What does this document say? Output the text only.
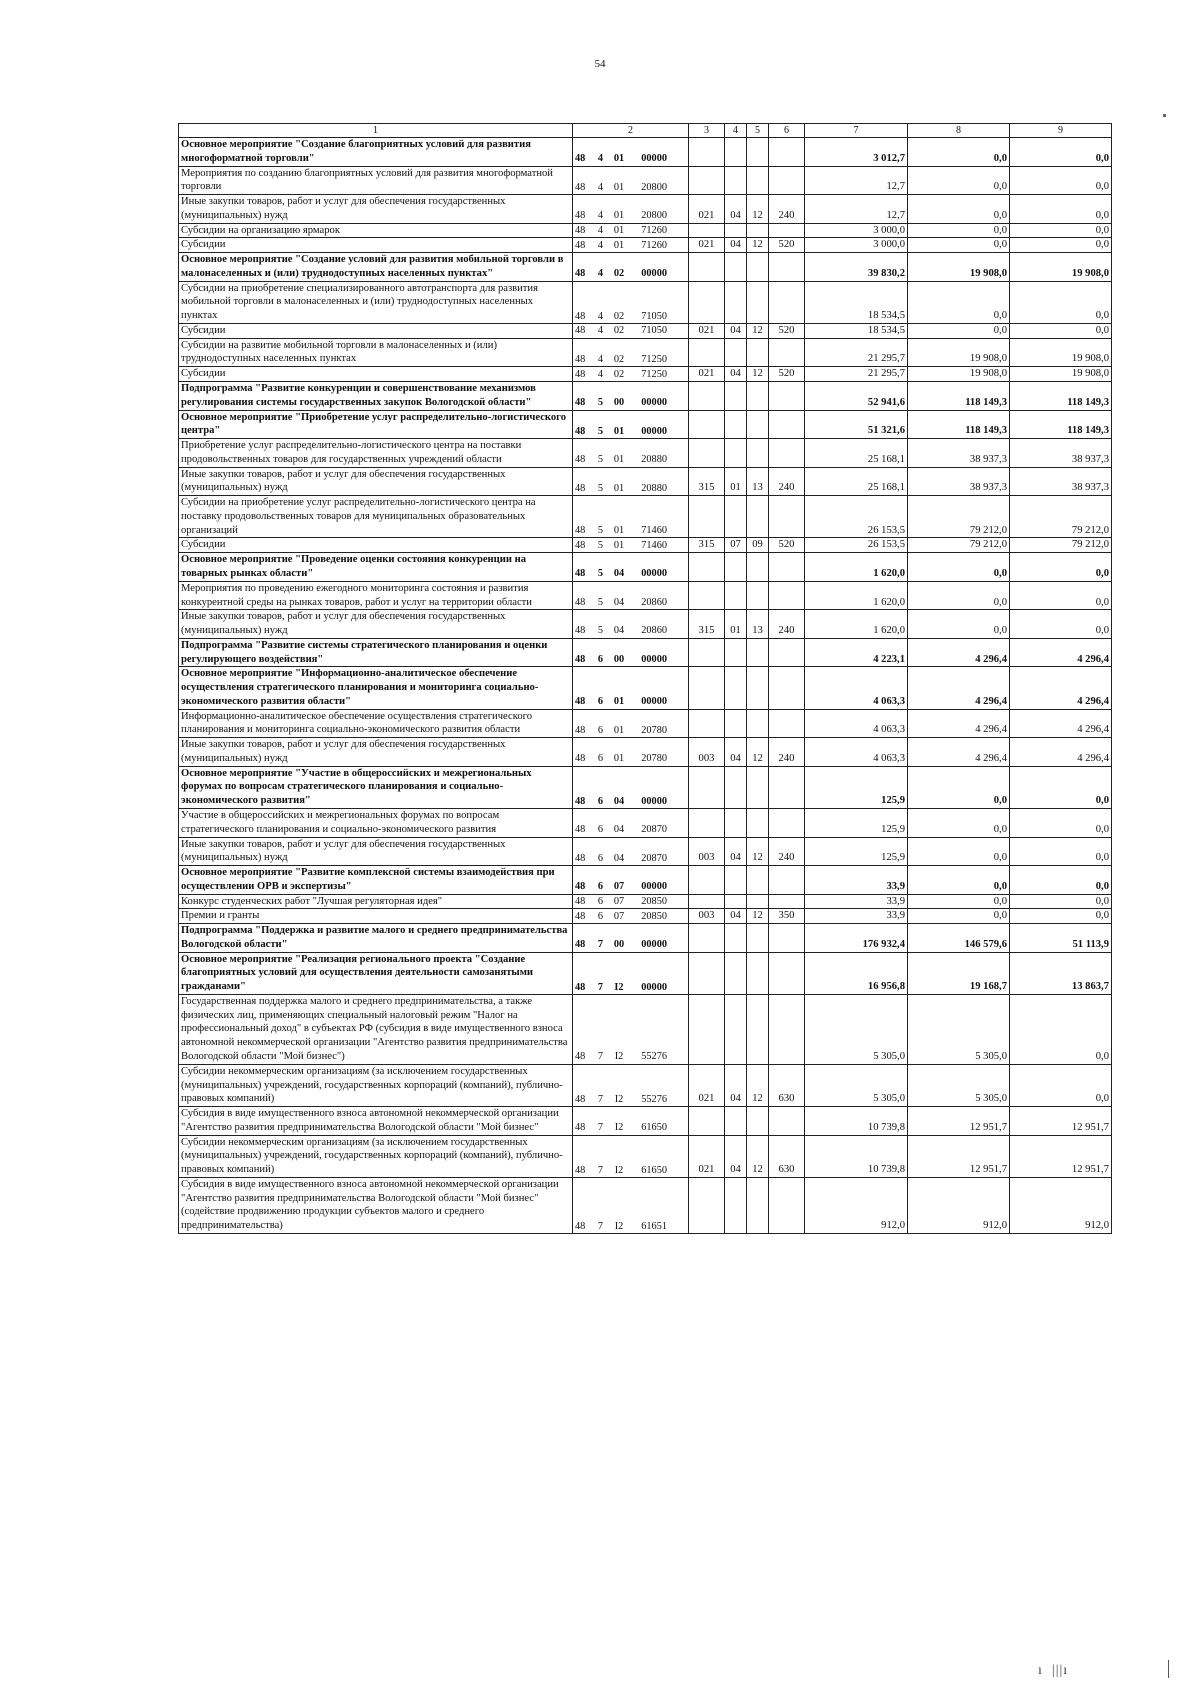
54
1	2	3	4	5	6	7	8	9
Основное мероприятие "Создание благоприятных условий для развития многоформатной торговли"	48 4 01 00000					3 012,7	0,0	0,0
Мероприятия по созданию благоприятных условий для развития многоформатной торговли	48 4 01 20800					12,7	0,0	0,0
Иные закупки товаров, работ и услуг для обеспечения государственных (муниципальных) нужд	48 4 01 20800	021	04	12	240	12,7	0,0	0,0
Субсидии на организацию ярмарок	48 4 01 71260					3 000,0	0,0	0,0
Субсидии	48 4 01 71260	021	04	12	520	3 000,0	0,0	0,0
Основное мероприятие "Создание условий для развития мобильной торговли в малонаселенных и (или) труднодоступных населенных пунктах"	48 4 02 00000					39 830,2	19 908,0	19 908,0
Субсидии на приобретение специализированного автотранспорта для развития мобильной торговли в малонаселенных и (или) труднодоступных населенных пунктах	48 4 02 71050					18 534,5	0,0	0,0
Субсидии	48 4 02 71050	021	04	12	520	18 534,5	0,0	0,0
Субсидии на развитие мобильной торговли в малонаселенных и (или) труднодоступных населенных пунктах	48 4 02 71250					21 295,7	19 908,0	19 908,0
Субсидии	48 4 02 71250	021	04	12	520	21 295,7	19 908,0	19 908,0
Подпрограмма "Развитие конкуренции и совершенствование механизмов регулирования системы государственных закупок Вологодской области"	48 5 00 00000					52 941,6	118 149,3	118 149,3
Основное мероприятие "Приобретение услуг распределительно-логистического центра"	48 5 01 00000					51 321,6	118 149,3	118 149,3
Приобретение услуг распределительно-логистического центра на поставки продовольственных товаров для государственных учреждений области	48 5 01 20880					25 168,1	38 937,3	38 937,3
Иные закупки товаров, работ и услуг для обеспечения государственных (муниципальных) нужд	48 5 01 20880	315	01	13	240	25 168,1	38 937,3	38 937,3
Субсидии на приобретение услуг распределительно-логистического центра на поставку продовольственных товаров для муниципальных образовательных организаций	48 5 01 71460					26 153,5	79 212,0	79 212,0
Субсидии	48 5 01 71460	315	07	09	520	26 153,5	79 212,0	79 212,0
Основное мероприятие "Проведение оценки состояния конкуренции на товарных рынках области"	48 5 04 00000					1 620,0	0,0	0,0
Мероприятия по проведению ежегодного мониторинга состояния и развития конкурентной среды на рынках товаров, работ и услуг на территории области	48 5 04 20860					1 620,0	0,0	0,0
Иные закупки товаров, работ и услуг для обеспечения государственных (муниципальных) нужд	48 5 04 20860	315	01	13	240	1 620,0	0,0	0,0
Подпрограмма "Развитие системы стратегического планирования и оценки регулирующего воздействия"	48 6 00 00000					4 223,1	4 296,4	4 296,4
Основное мероприятие "Информационно-аналитическое обеспечение осуществления стратегического планирования и мониторинга социально-экономического развития области"	48 6 01 00000					4 063,3	4 296,4	4 296,4
Информационно-аналитическое обеспечение осуществления стратегического планирования и мониторинга социально-экономического развития области	48 6 01 20780					4 063,3	4 296,4	4 296,4
Иные закупки товаров, работ и услуг для обеспечения государственных (муниципальных) нужд	48 6 01 20780	003	04	12	240	4 063,3	4 296,4	4 296,4
Основное мероприятие "Участие в общероссийских и межрегиональных форумах по вопросам стратегического планирования и социально-экономического развития"	48 6 04 00000					125,9	0,0	0,0
Участие в общероссийских и межрегиональных форумах по вопросам стратегического планирования и социально-экономического развития	48 6 04 20870					125,9	0,0	0,0
Иные закупки товаров, работ и услуг для обеспечения государственных (муниципальных) нужд	48 6 04 20870	003	04	12	240	125,9	0,0	0,0
Основное мероприятие "Развитие комплексной системы взаимодействия при осуществлении ОРВ и экспертизы"	48 6 07 00000					33,9	0,0	0,0
Конкурс студенческих работ "Лучшая регуляторная идея"	48 6 07 20850					33,9	0,0	0,0
Премии и гранты	48 6 07 20850	003	04	12	350	33,9	0,0	0,0
Подпрограмма "Поддержка и развитие малого и среднего предпринимательства Вологодской области"	48 7 00 00000					176 932,4	146 579,6	51 113,9
Основное мероприятие "Реализация регионального проекта "Создание благоприятных условий для осуществления деятельности самозанятыми гражданами"	48 7 I2 00000					16 956,8	19 168,7	13 863,7
Государственная поддержка малого и среднего предпринимательства, а также физических лиц, применяющих специальный налоговый режим "Налог на профессиональный доход" в субъектах РФ (субсидия в виде имущественного взноса автономной некоммерческой организации "Агентство развития предпринимательства Вологодской области "Мой бизнес")	48 7 I2 55276					5 305,0	5 305,0	0,0
Субсидии некоммерческим организациям (за исключением государственных (муниципальных) учреждений, государственных корпораций (компаний), публично-правовых компаний)	48 7 I2 55276	021	04	12	630	5 305,0	5 305,0	0,0
Субсидия в виде имущественного взноса автономной некоммерческой организации "Агентство развития предпринимательства Вологодской области "Мой бизнес"	48 7 I2 61650					10 739,8	12 951,7	12 951,7
Субсидии некоммерческим организациям (за исключением государственных (муниципальных) учреждений, государственных корпораций (компаний), публично-правовых компаний)	48 7 I2 61650	021	04	12	630	10 739,8	12 951,7	12 951,7
Субсидия в виде имущественного взноса автономной некоммерческой организации "Агентство развития предпринимательства Вологодской области "Мой бизнес" (содействие продвижению продукции субъектов малого и среднего предпринимательства)	48 7 I2 61651					912,0	912,0	912,0
ı  |||ı
